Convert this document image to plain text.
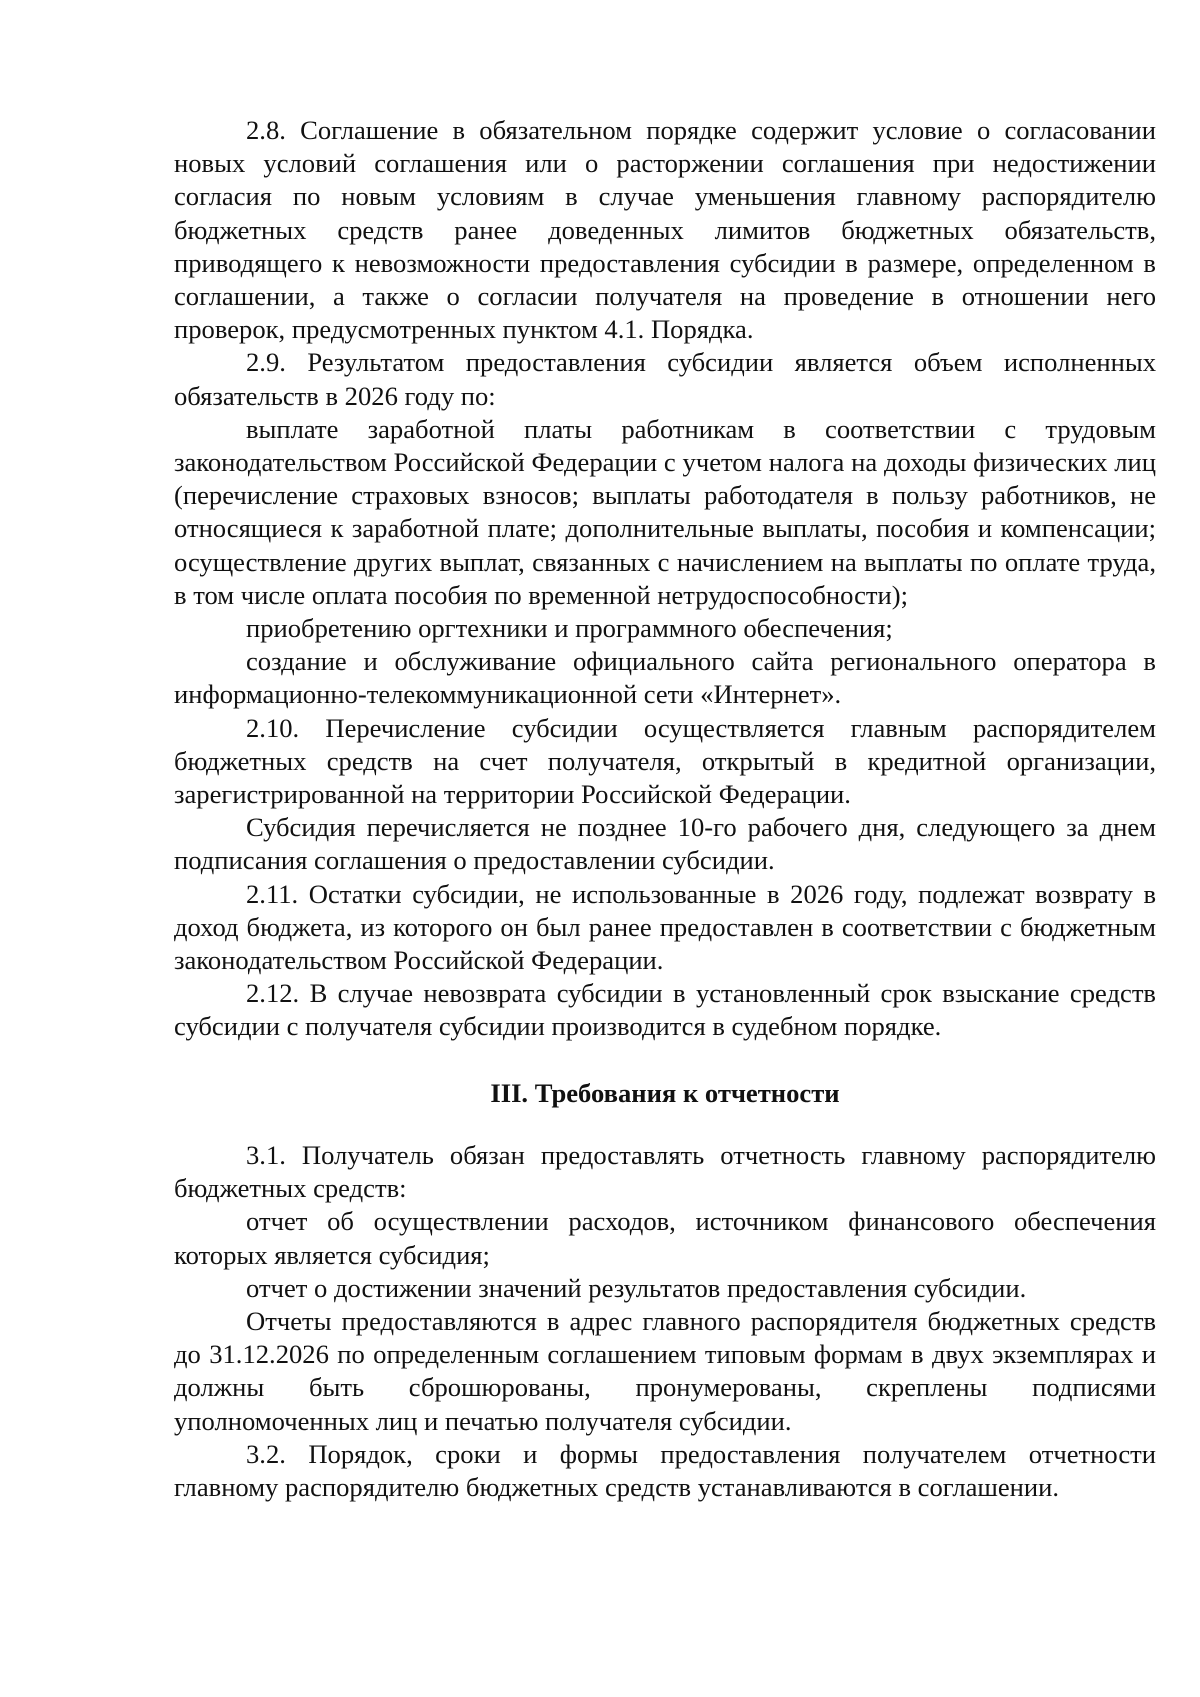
2.8. Соглашение в обязательном порядке содержит условие о согласовании новых условий соглашения или о расторжении соглашения при недостижении согласия по новым условиям в случае уменьшения главному распорядителю бюджетных средств ранее доведенных лимитов бюджетных обязательств, приводящего к невозможности предоставления субсидии в размере, определенном в соглашении, а также о согласии получателя на проведение в отношении него проверок, предусмотренных пунктом 4.1. Порядка.

2.9. Результатом предоставления субсидии является объем исполненных обязательств в 2026 году по:

выплате заработной платы работникам в соответствии с трудовым законодательством Российской Федерации с учетом налога на доходы физических лиц (перечисление страховых взносов; выплаты работодателя в пользу работников, не относящиеся к заработной плате; дополнительные выплаты, пособия и компенсации; осуществление других выплат, связанных с начислением на выплаты по оплате труда, в том числе оплата пособия по временной нетрудоспособности);

приобретению оргтехники и программного обеспечения;

создание и обслуживание официального сайта регионального оператора в информационно-телекоммуникационной сети «Интернет».

2.10. Перечисление субсидии осуществляется главным распорядителем бюджетных средств на счет получателя, открытый в кредитной организации, зарегистрированной на территории Российской Федерации.

Субсидия перечисляется не позднее 10-го рабочего дня, следующего за днем подписания соглашения о предоставлении субсидии.

2.11. Остатки субсидии, не использованные в 2026 году, подлежат возврату в доход бюджета, из которого он был ранее предоставлен в соответствии с бюджетным законодательством Российской Федерации.

2.12. В случае невозврата субсидии в установленный срок взыскание средств субсидии с получателя субсидии производится в судебном порядке.

III. Требования к отчетности

3.1. Получатель обязан предоставлять отчетность главному распорядителю бюджетных средств:

отчет об осуществлении расходов, источником финансового обеспечения которых является субсидия;

отчет о достижении значений результатов предоставления субсидии.

Отчеты предоставляются в адрес главного распорядителя бюджетных средств до 31.12.2026 по определенным соглашением типовым формам в двух экземплярах и должны быть сброшюрованы, пронумерованы, скреплены подписями уполномоченных лиц и печатью получателя субсидии.

3.2. Порядок, сроки и формы предоставления получателем отчетности главному распорядителю бюджетных средств устанавливаются в соглашении.
